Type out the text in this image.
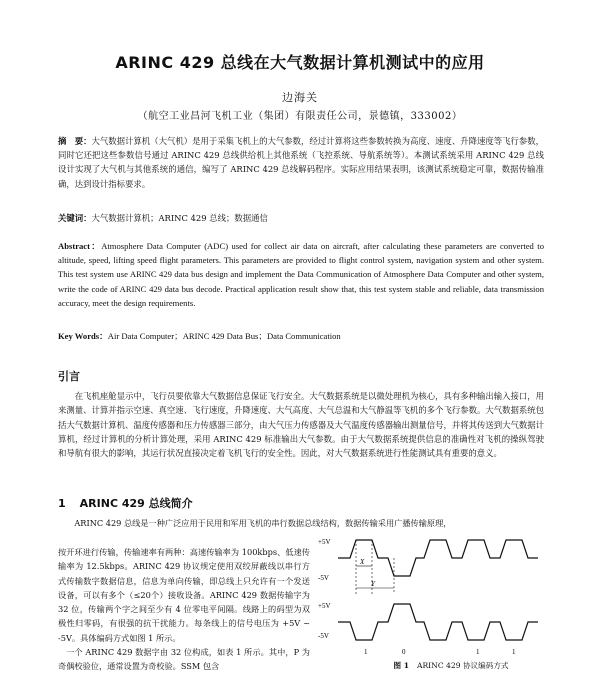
ARINC 429 总线在大气数据计算机测试中的应用
边海关
（航空工业昌河飞机工业（集团）有限责任公司，景德镇，333002）
摘　要：大气数据计算机（大气机）是用于采集飞机上的大气参数，经过计算将这些参数转换为高度、速度、升降速度等飞行参数，同时它还把这些参数信号通过 ARINC 429 总线供给机上其他系统（飞控系统、导航系统等）。本测试系统采用 ARINC 429 总线设计实现了大气机与其他系统的通信，编写了 ARINC 429 总线解码程序。实际应用结果表明，该测试系统稳定可靠，数据传输准确，达到设计指标要求。
关键词：大气数据计算机；ARINC 429 总线；数据通信
Abstract：Atmosphere Data Computer (ADC) used for collect air data on aircraft, after calculating these parameters are converted to altitude, speed, lifting speed flight parameters. This parameters are provided to flight control system, navigation system and other system. This test system use ARINC 429 data bus design and implement the Data Communication of Atmosphere Data Computer and other system, write the code of ARINC 429 data bus decode. Practical application result show that, this test system stable and reliable, data transmission accuracy, meet the design requirements.
Key Words：Air Data Computer；ARINC 429 Data Bus；Data Communication
引言
在飞机座舱显示中，飞行员要依靠大气数据信息保证飞行安全。大气数据系统是以微处理机为核心，具有多种输出输入接口，用来测量、计算并指示空速、真空速、飞行速度，升降速度、大气高度、大气总温和大气静温等飞机的多个飞行参数。大气数据系统包括大气数据计算机、温度传感器和压力传感器三部分，由大气压力传感器及大气温度传感器输出测量信号，并将其传送到大气数据计算机，经过计算机的分析计算处理，采用 ARINC 429 标准输出大气参数。由于大气数据系统提供信息的准确性对飞机的操纵驾驶和导航有很大的影响，其运行状况直接决定着飞机飞行的安全性。因此，对大气数据系统进行性能测试具有重要的意义。
1 ARINC 429 总线简介
ARINC 429 总线是一种广泛应用于民用和军用飞机的串行数据总线结构，数据传输采用广播传输原理，

按开环进行传输，传输速率有两种：高速传输率为 100kbps、低速传输率为 12.5kbps。ARINC 429 协议规定使用双绞屏蔽线以串行方式传输数字数据信息，信息为单向传输，即总线上只允许有一个发送设备，可以有多个（≤20个）接收设备。ARINC 429 数据传输字为 32 位，传输两个字之间至少有 4 位零电平间隔。线路上的码型为双极性归零码，有很强的抗干扰能力。每条线上的信号电压为 +5V ~ -5V。具体编码方式如图 1 所示。

一个 ARINC 429 数据字由 32 位构成，如表 1 所示。其中，P 为奇偶校验位，通常设置为奇校验。SSM 包含

+5V
-5V
+5V
-5V
X
Y
1	0	1	1
图 1 ARINC 429 协议编码方式
